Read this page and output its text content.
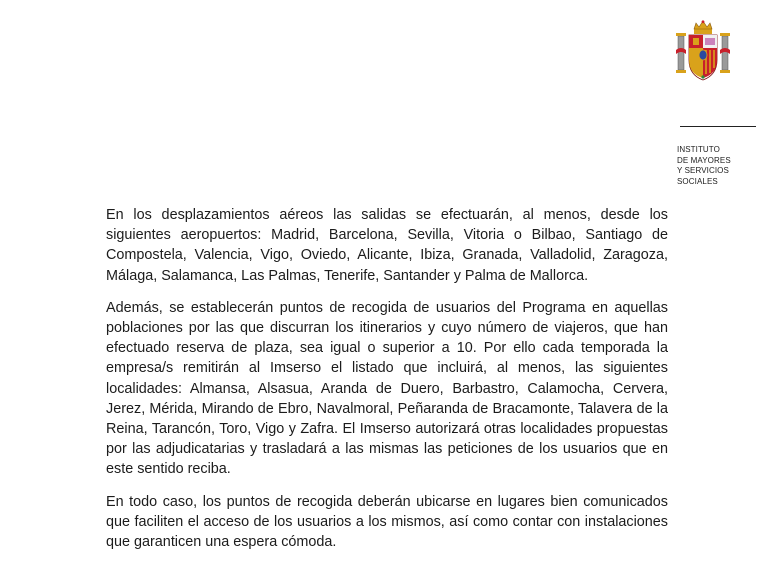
INSTITUTO
DE MAYORES
Y SERVICIOS
SOCIALES

En los desplazamientos aéreos las salidas se efectuarán, al menos, desde los siguientes aeropuertos: Madrid, Barcelona, Sevilla, Vitoria o Bilbao, Santiago de Compostela, Valencia, Vigo, Oviedo, Alicante, Ibiza, Granada, Valladolid, Zaragoza, Málaga, Salamanca, Las Palmas, Tenerife, Santander y Palma de Mallorca.

Además, se establecerán puntos de recogida de usuarios del Programa en aquellas poblaciones por las que discurran los itinerarios y cuyo número de viajeros, que han efectuado reserva de plaza, sea igual o superior a 10. Por ello cada temporada la empresa/s remitirán al Imserso el listado que incluirá, al menos, las siguientes localidades: Almansa, Alsasua, Aranda de Duero, Barbastro, Calamocha, Cervera, Jerez, Mérida, Mirando de Ebro, Navalmoral, Peñaranda de Bracamonte, Talavera de la Reina, Tarancón, Toro, Vigo y Zafra. El Imserso autorizará otras localidades propuestas por las adjudicatarias y trasladará a las mismas las peticiones de los usuarios que en este sentido reciba.

En todo caso, los puntos de recogida deberán ubicarse en lugares bien comunicados que faciliten el acceso de los usuarios a los mismos, así como contar con instalaciones que garanticen una espera cómoda.
